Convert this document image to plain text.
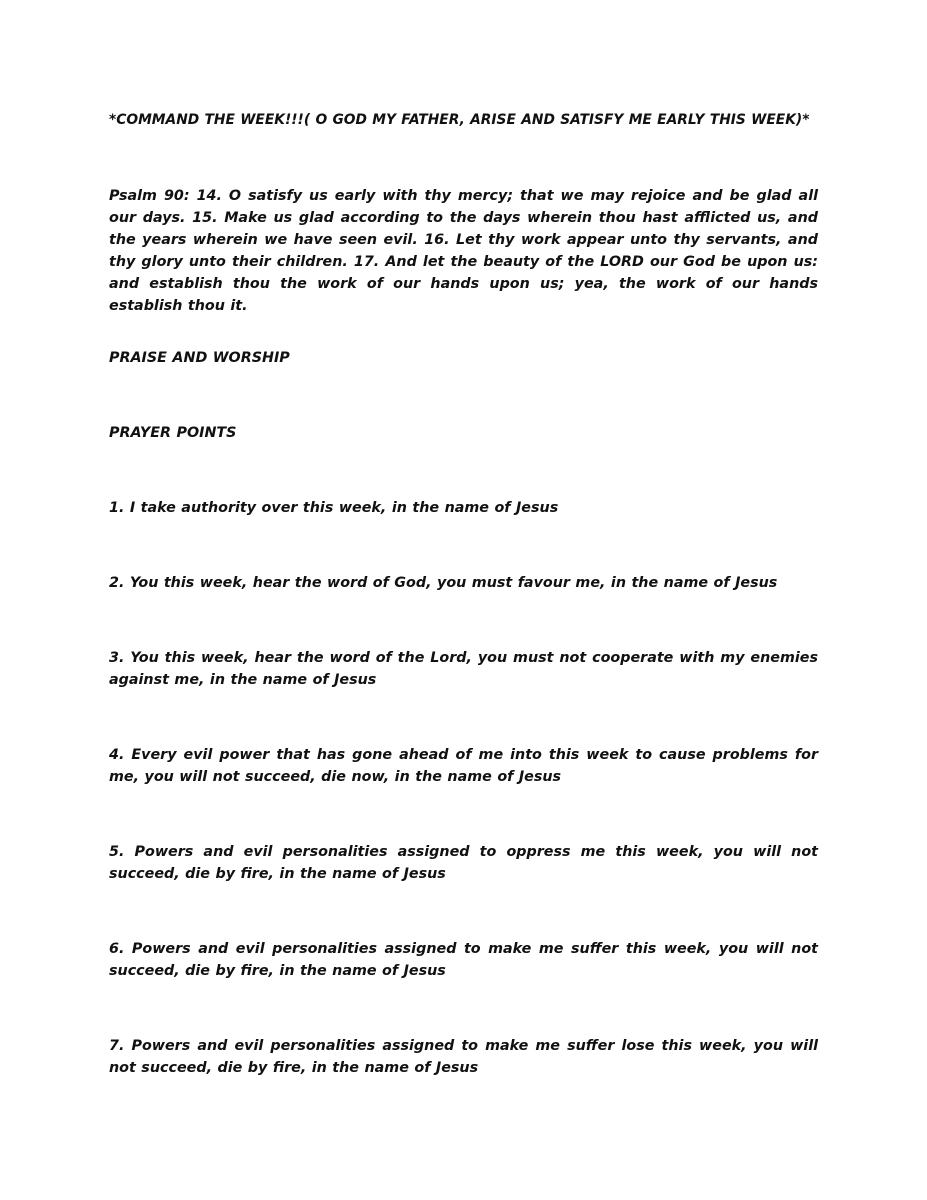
*COMMAND THE WEEK!!!( O GOD MY FATHER, ARISE AND SATISFY ME EARLY THIS WEEK)*

Psalm 90: 14. O satisfy us early with thy mercy; that we may rejoice and be glad all our days. 15. Make us glad according to the days wherein thou hast afflicted us, and the years wherein we have seen evil. 16. Let thy work appear unto thy servants, and thy glory unto their children. 17. And let the beauty of the LORD our God be upon us: and establish thou the work of our hands upon us; yea, the work of our hands establish thou it.

PRAISE AND WORSHIP

PRAYER POINTS

1. I take authority over this week, in the name of Jesus

2. You this week, hear the word of God, you must favour me, in the name of Jesus

3. You this week, hear the word of the Lord, you must not cooperate with my enemies against me, in the name of Jesus

4. Every evil power that has gone ahead of me into this week to cause problems for me, you will not succeed, die now, in the name of Jesus

5. Powers and evil personalities assigned to oppress me this week, you will not succeed, die by fire, in the name of Jesus

6. Powers and evil personalities assigned to make me suffer this week, you will not succeed, die by fire, in the name of Jesus

7. Powers and evil personalities assigned to make me suffer lose this week, you will not succeed, die by fire, in the name of Jesus
